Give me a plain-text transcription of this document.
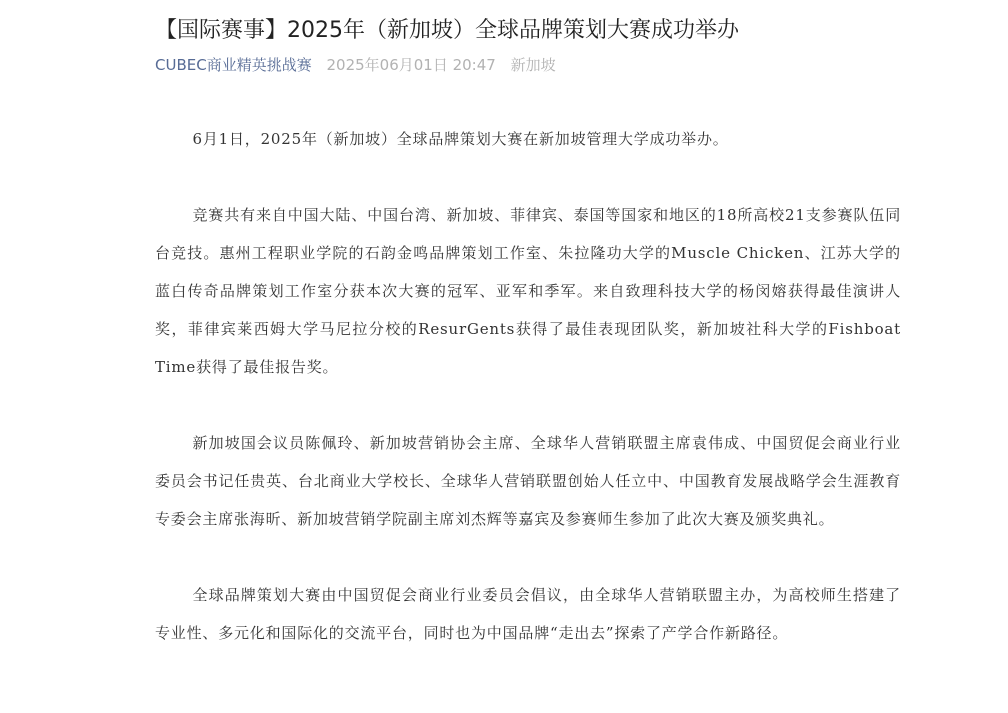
【国际赛事】2025年（新加坡）全球品牌策划大赛成功举办
CUBEC商业精英挑战赛 2025年06月01日 20:47 新加坡

6月1日，2025年（新加坡）全球品牌策划大赛在新加坡管理大学成功举办。

竞赛共有来自中国大陆、中国台湾、新加坡、菲律宾、泰国等国家和地区的18所高校21支参赛队伍同台竞技。惠州工程职业学院的石韵金鸣品牌策划工作室、朱拉隆功大学的Muscle Chicken、江苏大学的蓝白传奇品牌策划工作室分获本次大赛的冠军、亚军和季军。来自致理科技大学的杨闵嫆获得最佳演讲人奖，菲律宾莱西姆大学马尼拉分校的ResurGents获得了最佳表现团队奖，新加坡社科大学的Fishboat Time获得了最佳报告奖。

新加坡国会议员陈佩玲、新加坡营销协会主席、全球华人营销联盟主席袁伟成、中国贸促会商业行业委员会书记任贵英、台北商业大学校长、全球华人营销联盟创始人任立中、中国教育发展战略学会生涯教育专委会主席张海昕、新加坡营销学院副主席刘杰辉等嘉宾及参赛师生参加了此次大赛及颁奖典礼。

全球品牌策划大赛由中国贸促会商业行业委员会倡议，由全球华人营销联盟主办，为高校师生搭建了专业性、多元化和国际化的交流平台，同时也为中国品牌“走出去”探索了产学合作新路径。
